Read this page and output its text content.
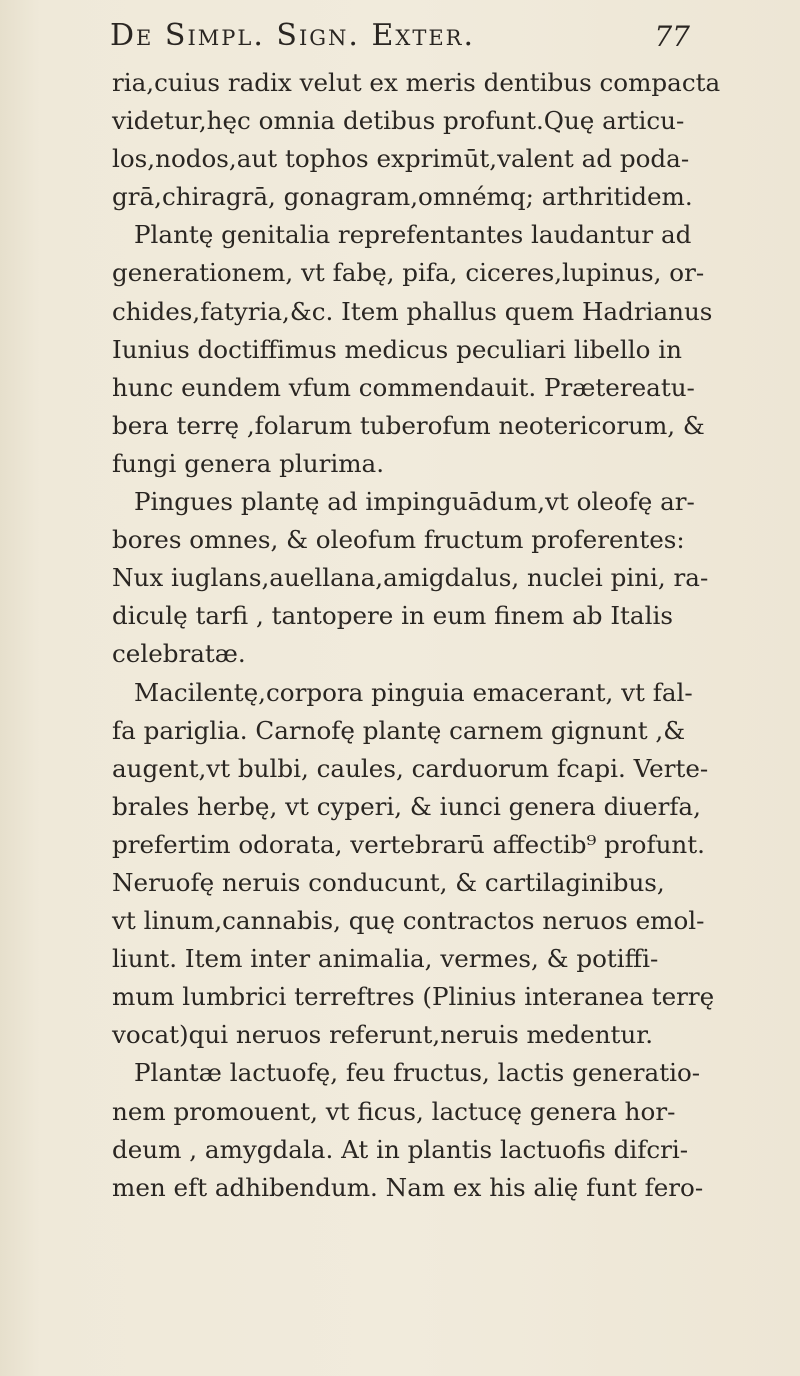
De Simpl. Sign. Exter.	77
ria,cuius radix velut ex meris dentibus compacta
videtur,hęc omnia detibus profunt.Quę articu-
los,nodos,aut tophos exprimūt,valent ad poda-
grā,chiragrā, gonagram,omnémq; arthritidem.
Plantę genitalia reprefentantes laudantur ad
generationem, vt fabę, pifa, ciceres,lupinus, or-
chides,fatyria,&c. Item phallus quem Hadrianus
Iunius doctiffimus medicus peculiari libello in
hunc eundem vfum commendauit. Prætereatu-
bera terrę ,folarum tuberofum neotericorum, &
fungi genera plurima.
Pingues plantę ad impinguādum,vt oleofę ar-
bores omnes, & oleofum fructum proferentes:
Nux iuglans,auellana,amigdalus, nuclei pini, ra-
diculę tarfi , tantopere in eum finem ab Italis
celebratæ.
Macilentę,corpora pinguia emacerant, vt fal-
fa pariglia. Carnofę plantę carnem gignunt ,&
augent,vt bulbi, caules, carduorum fcapi. Verte-
brales herbę, vt cyperi, & iunci genera diuerfa,
prefertim odorata, vertebrarū affectib⁹ profunt.
Neruofę neruis conducunt, & cartilaginibus,
vt linum,cannabis, quę contractos neruos emol-
liunt. Item inter animalia, vermes, & potiffi-
mum lumbrici terreftres (Plinius interanea terrę
vocat)qui neruos referunt,neruis medentur.
Plantæ lactuofę, feu fructus, lactis generatio-
nem promouent, vt ficus, lactucę genera hor-
deum , amygdala. At in plantis lactuofis difcri-
men eft adhibendum. Nam ex his alię funt fero-
